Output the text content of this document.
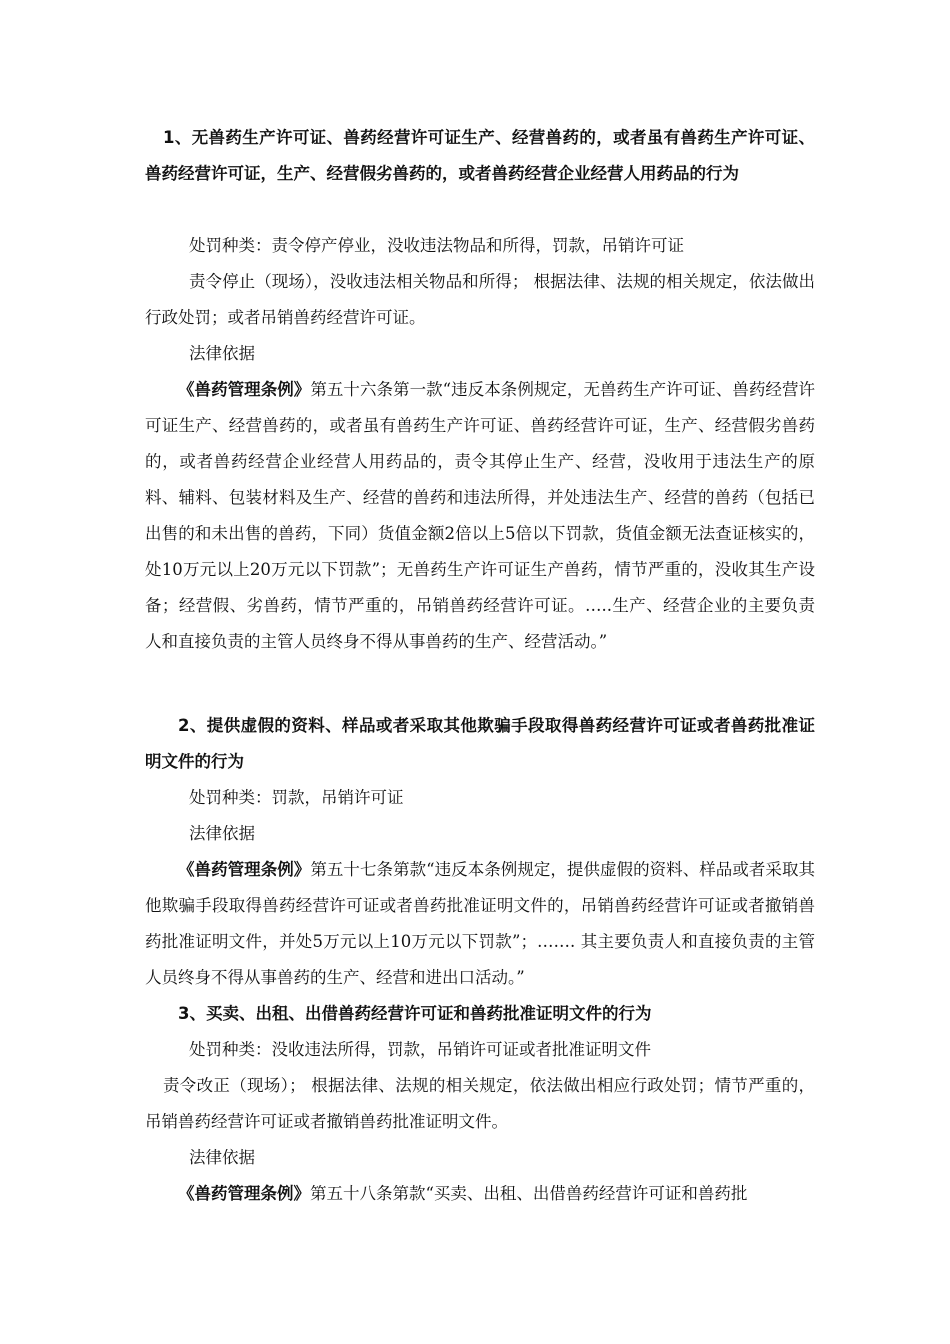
1、无兽药生产许可证、兽药经营许可证生产、经营兽药的，或者虽有兽药生产许可证、兽药经营许可证，生产、经营假劣兽药的，或者兽药经营企业经营人用药品的行为

处罚种类：责令停产停业，没收违法物品和所得，罚款，吊销许可证

责令停止（现场），没收违法相关物品和所得； 根据法律、法规的相关规定，依法做出行政处罚；或者吊销兽药经营许可证。

法律依据

《兽药管理条例》第五十六条第一款“违反本条例规定，无兽药生产许可证、兽药经营许可证生产、经营兽药的，或者虽有兽药生产许可证、兽药经营许可证，生产、经营假劣兽药的，或者兽药经营企业经营人用药品的，责令其停止生产、经营，没收用于违法生产的原料、辅料、包装材料及生产、经营的兽药和违法所得，并处违法生产、经营的兽药（包括已出售的和未出售的兽药，下同）货值金额2倍以上5倍以下罚款，货值金额无法查证核实的，处10万元以上20万元以下罚款”；无兽药生产许可证生产兽药，情节严重的，没收其生产设备；经营假、劣兽药，情节严重的，吊销兽药经营许可证。…..生产、经营企业的主要负责人和直接负责的主管人员终身不得从事兽药的生产、经营活动。”

2、提供虚假的资料、样品或者采取其他欺骗手段取得兽药经营许可证或者兽药批准证明文件的行为

处罚种类：罚款，吊销许可证

法律依据

《兽药管理条例》第五十七条第款“违反本条例规定，提供虚假的资料、样品或者采取其他欺骗手段取得兽药经营许可证或者兽药批准证明文件的，吊销兽药经营许可证或者撤销兽药批准证明文件，并处5万元以上10万元以下罚款”；……. 其主要负责人和直接负责的主管人员终身不得从事兽药的生产、经营和进出口活动。”

3、买卖、出租、出借兽药经营许可证和兽药批准证明文件的行为

处罚种类：没收违法所得，罚款，吊销许可证或者批准证明文件

责令改正（现场）； 根据法律、法规的相关规定，依法做出相应行政处罚；情节严重的，吊销兽药经营许可证或者撤销兽药批准证明文件。

法律依据

《兽药管理条例》第五十八条第款“买卖、出租、出借兽药经营许可证和兽药批
